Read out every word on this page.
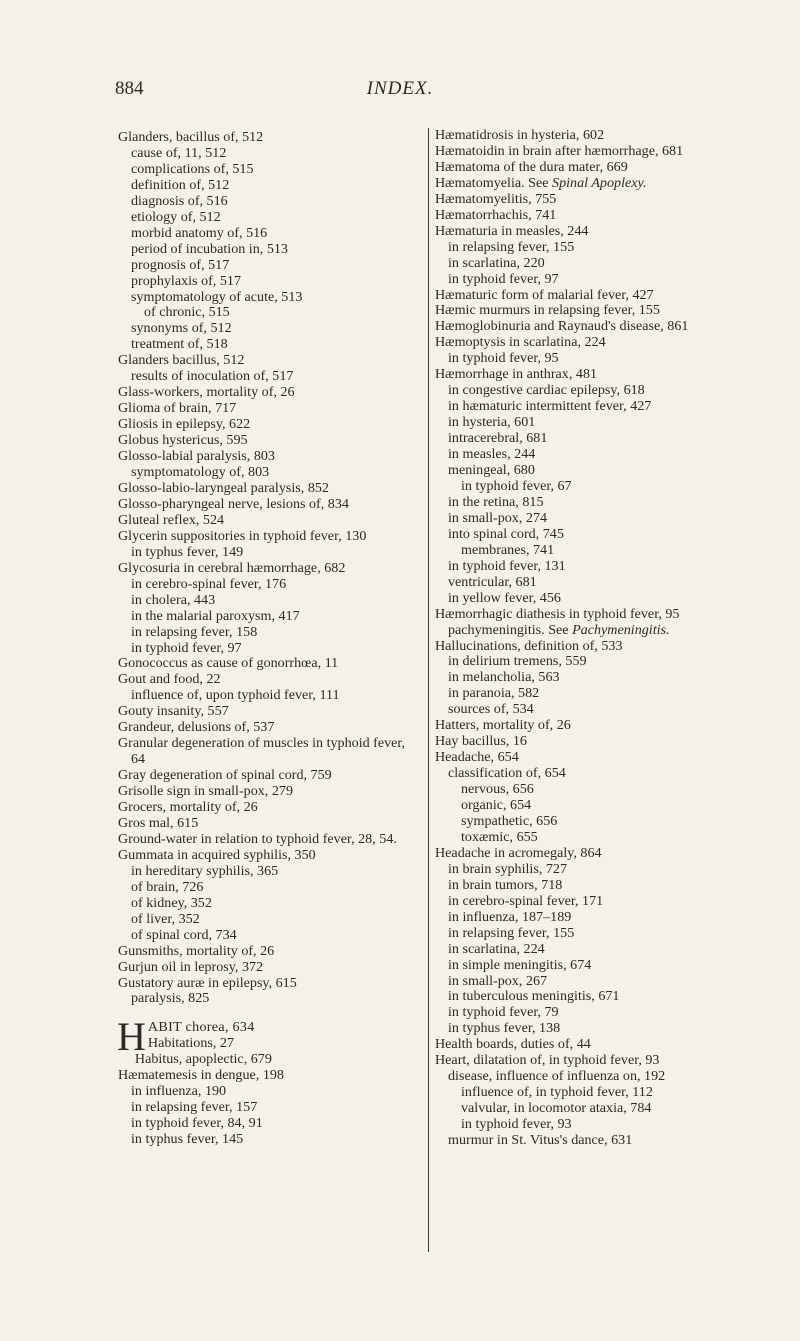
884	INDEX.
Glanders, bacillus of, 512
cause of, 11, 512
complications of, 515
definition of, 512
diagnosis of, 516
etiology of, 512
morbid anatomy of, 516
period of incubation in, 513
prognosis of, 517
prophylaxis of, 517
symptomatology of acute, 513
of chronic, 515
synonyms of, 512
treatment of, 518
Glanders bacillus, 512
results of inoculation of, 517
Glass-workers, mortality of, 26
Glioma of brain, 717
Gliosis in epilepsy, 622
Globus hystericus, 595
Glosso-labial paralysis, 803
symptomatology of, 803
Glosso-labio-laryngeal paralysis, 852
Glosso-pharyngeal nerve, lesions of, 834
Gluteal reflex, 524
Glycerin suppositories in typhoid fever, 130
in typhus fever, 149
Glycosuria in cerebral hæmorrhage, 682
in cerebro-spinal fever, 176
in cholera, 443
in the malarial paroxysm, 417
in relapsing fever, 158
in typhoid fever, 97
Gonococcus as cause of gonorrhœa, 11
Gout and food, 22
influence of, upon typhoid fever, 111
Gouty insanity, 557
Grandeur, delusions of, 537
Granular degeneration of muscles in typhoid fever, 64
Gray degeneration of spinal cord, 759
Grisolle sign in small-pox, 279
Grocers, mortality of, 26
Gros mal, 615
Ground-water in relation to typhoid fever, 28, 54.
Gummata in acquired syphilis, 350
in hereditary syphilis, 365
of brain, 726
of kidney, 352
of liver, 352
of spinal cord, 734
Gunsmiths, mortality of, 26
Gurjun oil in leprosy, 372
Gustatory auræ in epilepsy, 615
paralysis, 825
H ABIT chorea, 634
Habitations, 27
Habitus, apoplectic, 679
Hæmatemesis in dengue, 198
in influenza, 190
in relapsing fever, 157
in typhoid fever, 84, 91
in typhus fever, 145
Hæmatidrosis in hysteria, 602
Hæmatoidin in brain after hæmorrhage, 681
Hæmatoma of the dura mater, 669
Hæmatomyelia. See Spinal Apoplexy.
Hæmatomyelitis, 755
Hæmatorrhachis, 741
Hæmaturia in measles, 244
in relapsing fever, 155
in scarlatina, 220
in typhoid fever, 97
Hæmaturic form of malarial fever, 427
Hæmic murmurs in relapsing fever, 155
Hæmoglobinuria and Raynaud's disease, 861
Hæmoptysis in scarlatina, 224
in typhoid fever, 95
Hæmorrhage in anthrax, 481
in congestive cardiac epilepsy, 618
in hæmaturic intermittent fever, 427
in hysteria, 601
intracerebral, 681
in measles, 244
meningeal, 680
in typhoid fever, 67
in the retina, 815
in small-pox, 274
into spinal cord, 745
membranes, 741
in typhoid fever, 131
ventricular, 681
in yellow fever, 456
Hæmorrhagic diathesis in typhoid fever, 95
pachymeningitis. See Pachymeningitis.
Hallucinations, definition of, 533
in delirium tremens, 559
in melancholia, 563
in paranoia, 582
sources of, 534
Hatters, mortality of, 26
Hay bacillus, 16
Headache, 654
classification of, 654
nervous, 656
organic, 654
sympathetic, 656
toxæmic, 655
Headache in acromegaly, 864
in brain syphilis, 727
in brain tumors, 718
in cerebro-spinal fever, 171
in influenza, 187–189
in relapsing fever, 155
in scarlatina, 224
in simple meningitis, 674
in small-pox, 267
in tuberculous meningitis, 671
in typhoid fever, 79
in typhus fever, 138
Health boards, duties of, 44
Heart, dilatation of, in typhoid fever, 93
disease, influence of influenza on, 192
influence of, in typhoid fever, 112
valvular, in locomotor ataxia, 784
in typhoid fever, 93
murmur in St. Vitus's dance, 631
